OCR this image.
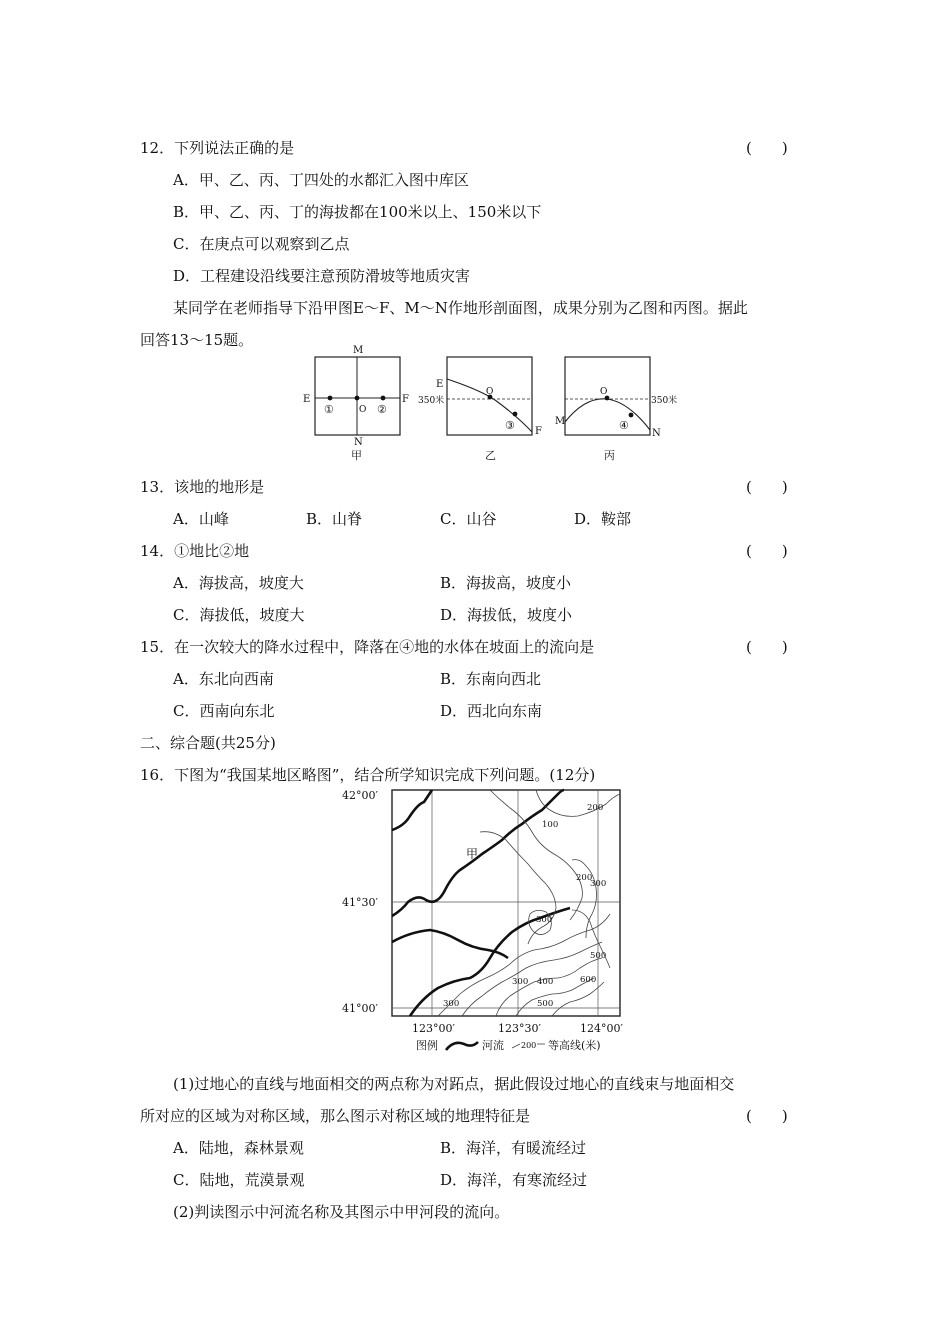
12．下列说法正确的是	(　　)
A．甲、乙、丙、丁四处的水都汇入图中库区
B．甲、乙、丙、丁的海拔都在100米以上、150米以下
C．在庚点可以观察到乙点
D．工程建设沿线要注意预防滑坡等地质灾害
某同学在老师指导下沿甲图E～F、M～N作地形剖面图，成果分别为乙图和丙图。据此
回答13～15题。
M
N
E	F
①	O ②
甲
E
F
O
③
350米
乙
M
N
O
④
350米
丙
13．该地的地形是	(　　)
A．山峰	B．山脊	C．山谷	D．鞍部
14．①地比②地	(　　)
A．海拔高，坡度大	B．海拔高，坡度小
C．海拔低，坡度大	D．海拔低，坡度小
15．在一次较大的降水过程中，降落在④地的水体在坡面上的流向是	(　　)
A．东北向西南	B．东南向西北
C．西南向东北	D．西北向东南
二、综合题(共25分)
16．下图为“我国某地区略图”，结合所学知识完成下列问题。(12分)
200
100
200
300
300
300 400
500
600
500
300
甲
42°00′
41°30′
41°00′
123°00′	123°30′	124°00′
图例	河流 200 等高线(米)
(1)过地心的直线与地面相交的两点称为对跖点，据此假设过地心的直线束与地面相交
所对应的区域为对称区域，那么图示对称区域的地理特征是	(　　)
A．陆地，森林景观	B．海洋，有暖流经过
C．陆地，荒漠景观	D．海洋，有寒流经过
(2)判读图示中河流名称及其图示中甲河段的流向。
